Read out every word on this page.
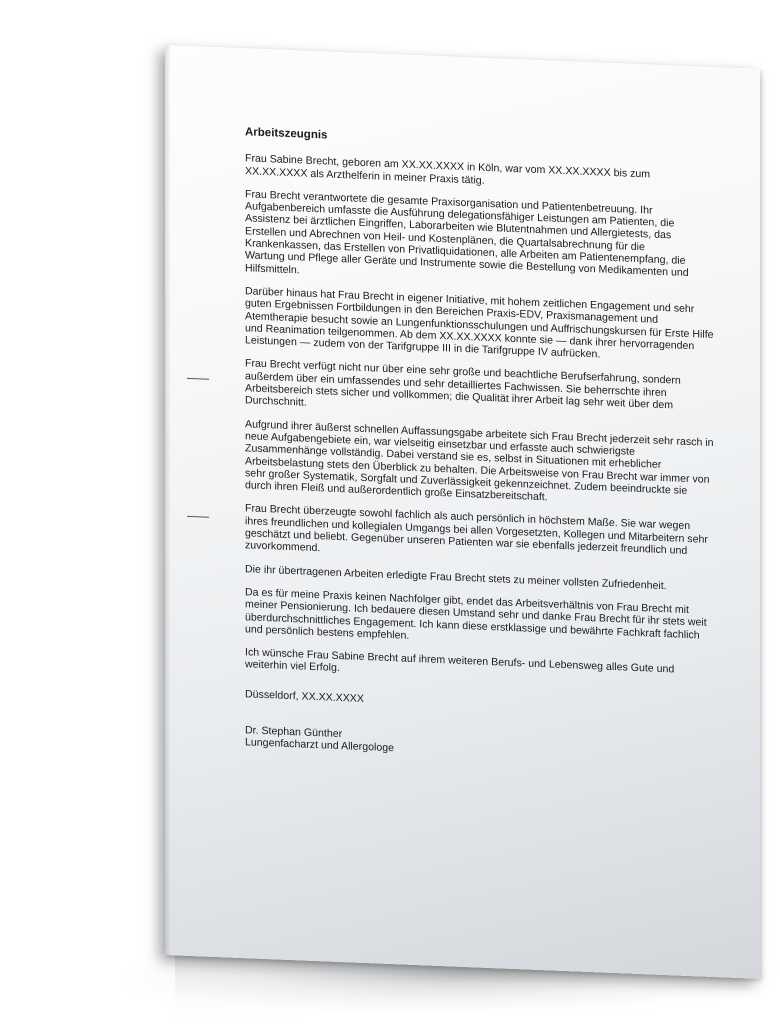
Arbeitszeugnis
Frau Sabine Brecht, geboren am XX.XX.XXXX in Köln, war vom XX.XX.XXXX bis zum XX.XX.XXXX als Arzthelferin in meiner Praxis tätig.
Frau Brecht verantwortete die gesamte Praxisorganisation und Patientenbetreuung. Ihr Aufgabenbereich umfasste die Ausführung delegationsfähiger Leistungen am Patienten, die Assistenz bei ärztlichen Eingriffen, Laborarbeiten wie Blutentnahmen und Allergietests, das Erstellen und Abrechnen von Heil- und Kostenplänen, die Quartalsabrechnung für die Krankenkassen, das Erstellen von Privatliquidationen, alle Arbeiten am Patientenempfang, die Wartung und Pflege aller Geräte und Instrumente sowie die Bestellung von Medikamenten und Hilfsmitteln.
Darüber hinaus hat Frau Brecht in eigener Initiative, mit hohem zeitlichen Engagement und sehr guten Ergebnissen Fortbildungen in den Bereichen Praxis-EDV, Praxismanagement und Atemtherapie besucht sowie an Lungenfunktionsschulungen und Auffrischungskursen für Erste Hilfe und Reanimation teilgenommen. Ab dem XX.XX.XXXX konnte sie — dank ihrer hervorragenden Leistungen — zudem von der Tarifgruppe III in die Tarifgruppe IV aufrücken.
Frau Brecht verfügt nicht nur über eine sehr große und beachtliche Berufserfahrung, sondern außerdem über ein umfassendes und sehr detailliertes Fachwissen. Sie beherrschte ihren Arbeitsbereich stets sicher und vollkommen; die Qualität ihrer Arbeit lag sehr weit über dem Durchschnitt.
Aufgrund ihrer äußerst schnellen Auffassungsgabe arbeitete sich Frau Brecht jederzeit sehr rasch in neue Aufgabengebiete ein, war vielseitig einsetzbar und erfasste auch schwierigste Zusammenhänge vollständig. Dabei verstand sie es, selbst in Situationen mit erheblicher Arbeitsbelastung stets den Überblick zu behalten. Die Arbeitsweise von Frau Brecht war immer von sehr großer Systematik, Sorgfalt und Zuverlässigkeit gekennzeichnet. Zudem beeindruckte sie durch ihren Fleiß und außerordentlich große Einsatzbereitschaft.
Frau Brecht überzeugte sowohl fachlich als auch persönlich in höchstem Maße. Sie war wegen ihres freundlichen und kollegialen Umgangs bei allen Vorgesetzten, Kollegen und Mitarbeitern sehr geschätzt und beliebt. Gegenüber unseren Patienten war sie ebenfalls jederzeit freundlich und zuvorkommend.
Die ihr übertragenen Arbeiten erledigte Frau Brecht stets zu meiner vollsten Zufriedenheit.
Da es für meine Praxis keinen Nachfolger gibt, endet das Arbeitsverhältnis von Frau Brecht mit meiner Pensionierung. Ich bedauere diesen Umstand sehr und danke Frau Brecht für ihr stets weit überdurchschnittliches Engagement. Ich kann diese erstklassige und bewährte Fachkraft fachlich und persönlich bestens empfehlen.
Ich wünsche Frau Sabine Brecht auf ihrem weiteren Berufs- und Lebensweg alles Gute und weiterhin viel Erfolg.
Düsseldorf, XX.XX.XXXX
Dr. Stephan Günther
Lungenfacharzt und Allergologe
